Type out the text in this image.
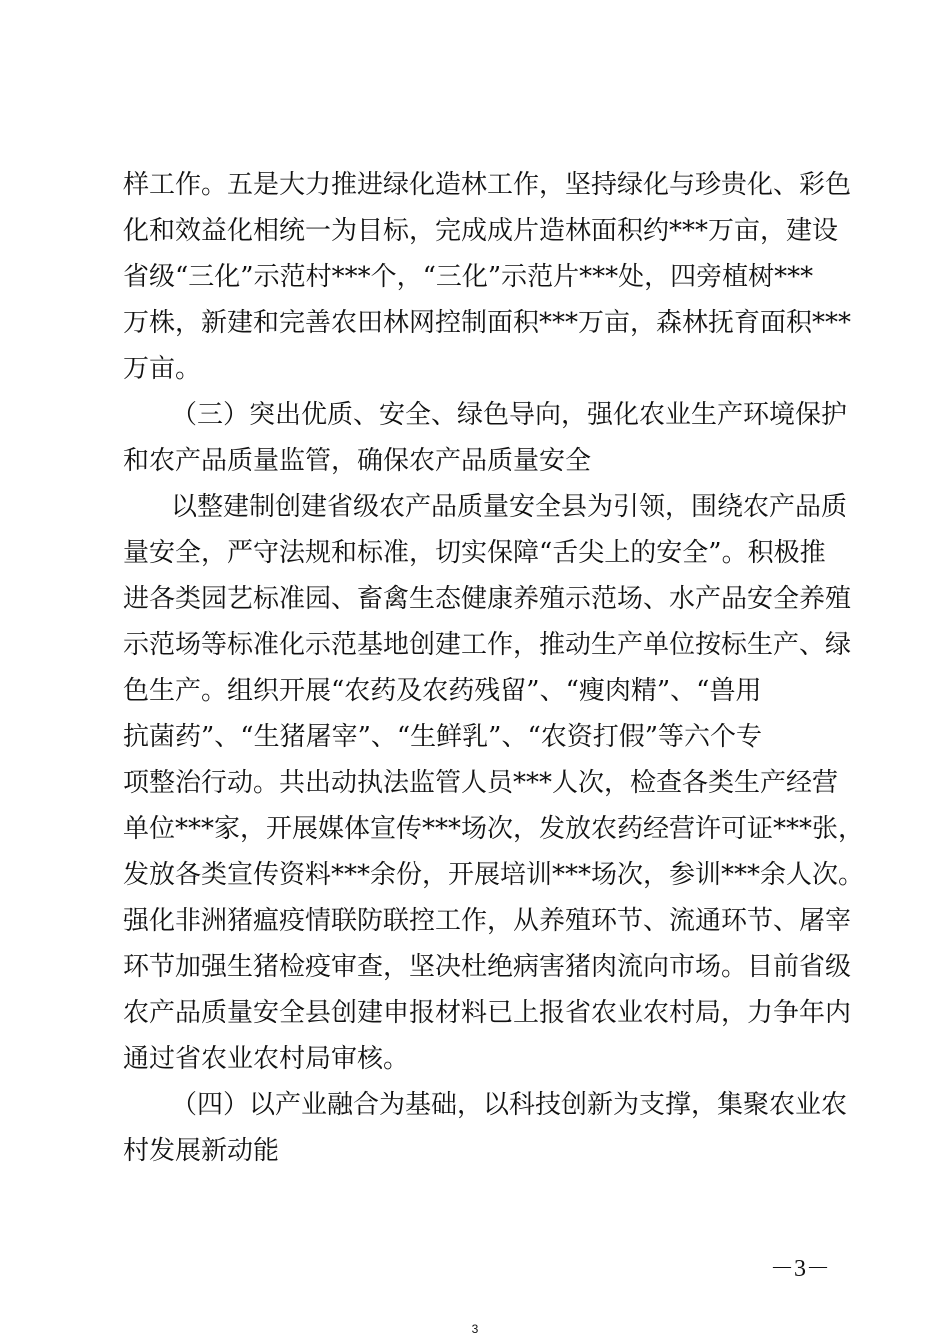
样工作。五是大力推进绿化造林工作，坚持绿化与珍贵化、彩色
化和效益化相统一为目标，完成成片造林面积约***万亩，建设
省级“三化”示范村***个，“三化”示范片***处，四旁植树***
万株，新建和完善农田林网控制面积***万亩，森林抚育面积***
万亩。
（三）突出优质、安全、绿色导向，强化农业生产环境保护
和农产品质量监管，确保农产品质量安全
以整建制创建省级农产品质量安全县为引领，围绕农产品质
量安全，严守法规和标准，切实保障“舌尖上的安全”。积极推
进各类园艺标准园、畜禽生态健康养殖示范场、水产品安全养殖
示范场等标准化示范基地创建工作，推动生产单位按标生产、绿
色生产。组织开展“农药及农药残留”、“瘦肉精”、“兽用
抗菌药”、“生猪屠宰”、“生鲜乳”、“农资打假”等六个专
项整治行动。共出动执法监管人员***人次，检查各类生产经营
单位***家，开展媒体宣传***场次，发放农药经营许可证***张，
发放各类宣传资料***余份，开展培训***场次，参训***余人次。
强化非洲猪瘟疫情联防联控工作，从养殖环节、流通环节、屠宰
环节加强生猪检疫审查，坚决杜绝病害猪肉流向市场。目前省级
农产品质量安全县创建申报材料已上报省农业农村局，力争年内
通过省农业农村局审核。
（四）以产业融合为基础，以科技创新为支撑，集聚农业农
村发展新动能
－3－
3
